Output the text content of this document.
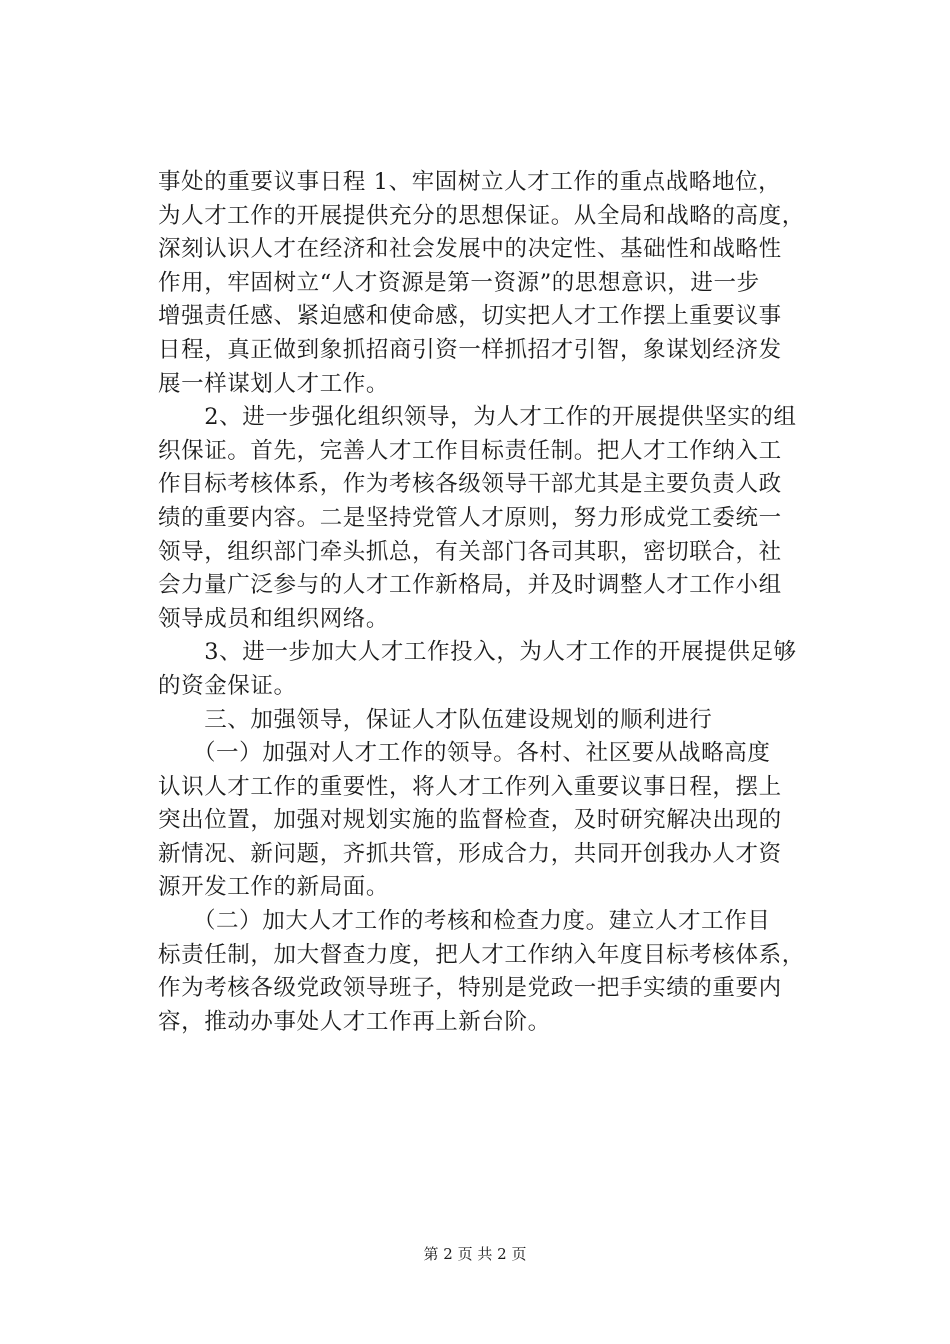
事处的重要议事日程 1、牢固树立人才工作的重点战略地位，
为人才工作的开展提供充分的思想保证。从全局和战略的高度，
深刻认识人才在经济和社会发展中的决定性、基础性和战略性
作用，牢固树立“人才资源是第一资源”的思想意识，进一步
增强责任感、紧迫感和使命感，切实把人才工作摆上重要议事
日程，真正做到象抓招商引资一样抓招才引智，象谋划经济发
展一样谋划人才工作。
　　2、进一步强化组织领导，为人才工作的开展提供坚实的组
织保证。首先，完善人才工作目标责任制。把人才工作纳入工
作目标考核体系，作为考核各级领导干部尤其是主要负责人政
绩的重要内容。二是坚持党管人才原则，努力形成党工委统一
领导，组织部门牵头抓总，有关部门各司其职，密切联合，社
会力量广泛参与的人才工作新格局，并及时调整人才工作小组
领导成员和组织网络。
　　3、进一步加大人才工作投入，为人才工作的开展提供足够
的资金保证。
　　三、加强领导，保证人才队伍建设规划的顺利进行
　　（一）加强对人才工作的领导。各村、社区要从战略高度
认识人才工作的重要性，将人才工作列入重要议事日程，摆上
突出位置，加强对规划实施的监督检查，及时研究解决出现的
新情况、新问题，齐抓共管，形成合力，共同开创我办人才资
源开发工作的新局面。
　　（二）加大人才工作的考核和检查力度。建立人才工作目
标责任制，加大督查力度，把人才工作纳入年度目标考核体系，
作为考核各级党政领导班子，特别是党政一把手实绩的重要内
容，推动办事处人才工作再上新台阶。
第 2 页 共 2 页
